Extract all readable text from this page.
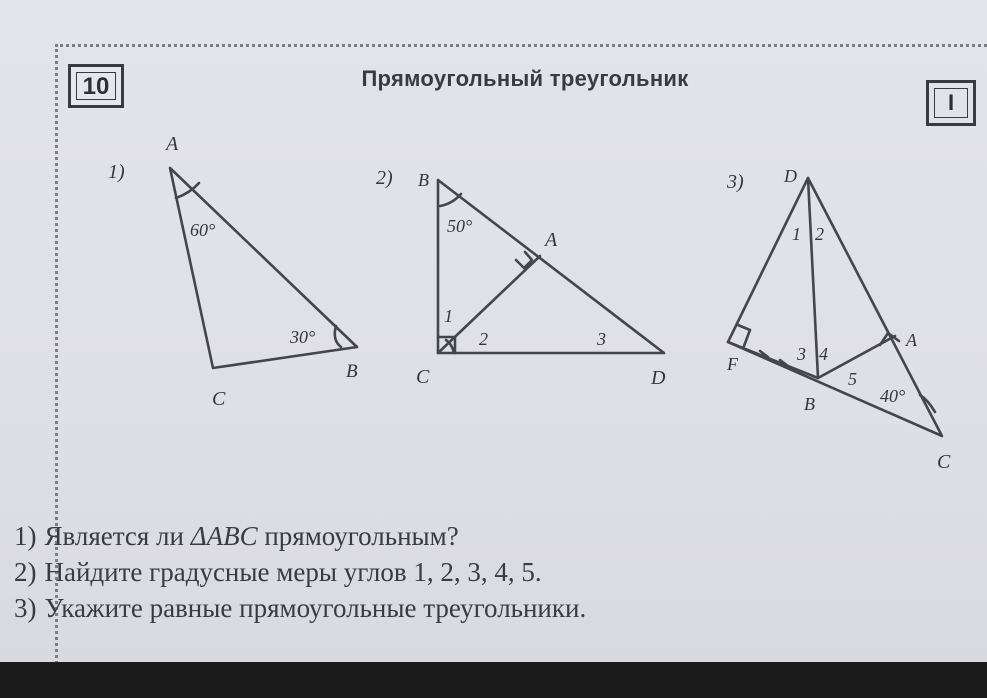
10	Прямоугольный треугольник
I
1)
A
B
C
60°
30°
2) B
A
C	D
50°
1
2	3
3) D
F
B
A
C
1 2
3 4
5
40°
1) Является ли ΔABC прямоугольным?
2) Найдите градусные меры углов 1, 2, 3, 4, 5.
3) Укажите равные прямоугольные треугольники.
